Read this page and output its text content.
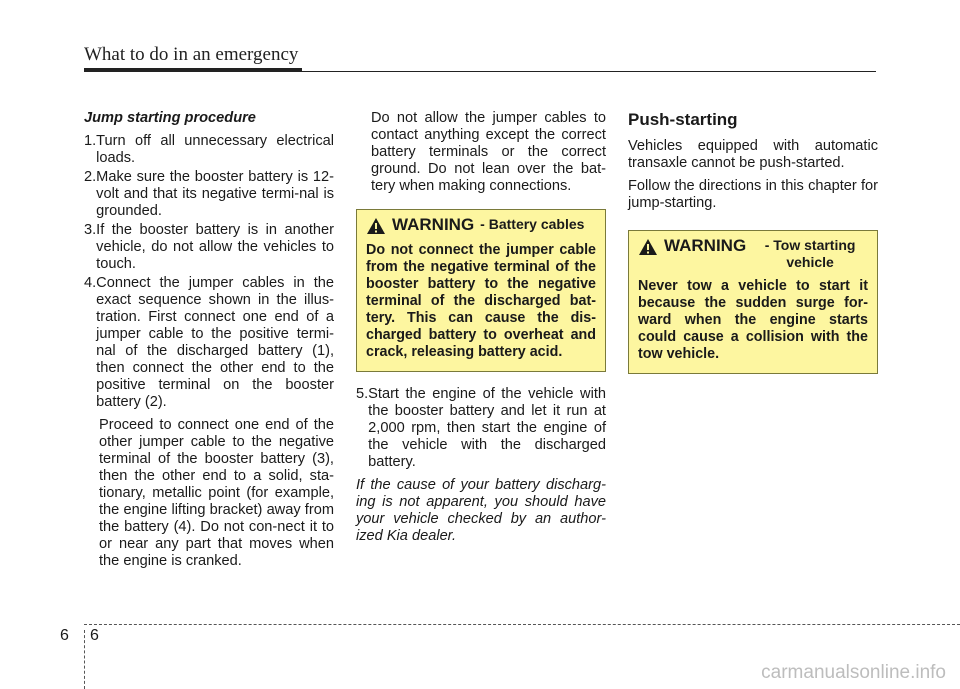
What to do in an emergency
Jump starting procedure
1. Turn off all unnecessary electrical loads.
2. Make sure the booster battery is 12-volt and that its negative termi-nal is grounded.
3. If the booster battery is in another vehicle, do not allow the vehicles to touch.
4. Connect the jumper cables in the exact sequence shown in the illus-tration. First connect one end of a jumper cable to the positive termi-nal of the discharged battery (1), then connect the other end to the positive terminal on the booster battery (2).
Proceed to connect one end of the other jumper cable to the negative terminal of the booster battery (3), then the other end to a solid, sta-tionary, metallic point (for example, the engine lifting bracket) away from the battery (4). Do not con-nect it to or near any part that moves when the engine is cranked.
Do not allow the jumper cables to contact anything except the correct battery terminals or the correct ground. Do not lean over the bat-tery when making connections.
WARNING - Battery cables
Do not connect the jumper cable from the negative terminal of the booster battery to the negative terminal of the discharged bat-tery. This can cause the dis-charged battery to overheat and crack, releasing battery acid.
5. Start the engine of the vehicle with the booster battery and let it run at 2,000 rpm, then start the engine of the vehicle with the discharged battery.
If the cause of your battery discharg-ing is not apparent, you should have your vehicle checked by an author-ized Kia dealer.
Push-starting
Vehicles equipped with automatic transaxle cannot be push-started.
Follow the directions in this chapter for jump-starting.
WARNING	- Tow starting vehicle
Never tow a vehicle to start it because the sudden surge for-ward when the engine starts could cause a collision with the tow vehicle.
6 6
carmanualsonline.info
